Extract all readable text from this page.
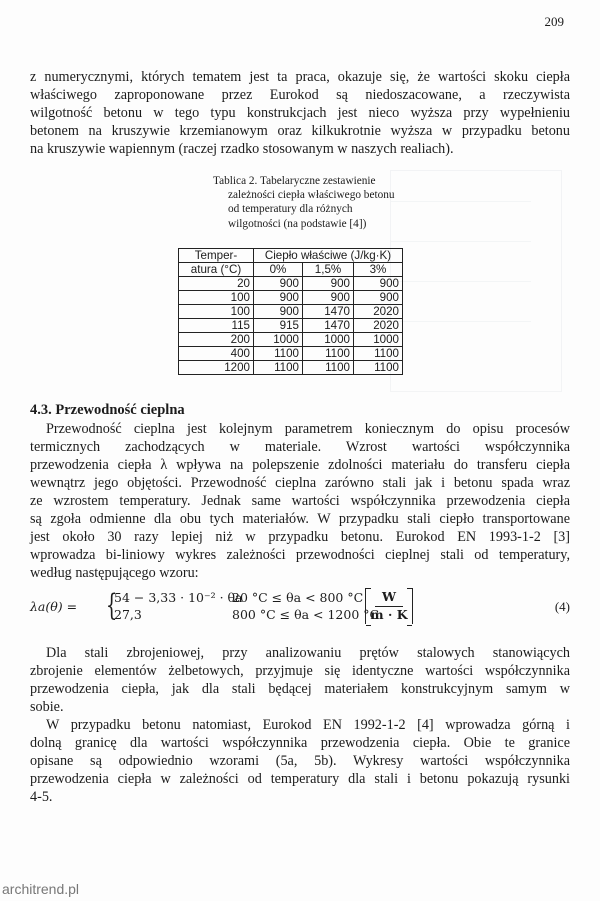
209
z numerycznymi, których tematem jest ta praca, okazuje się, że wartości skoku ciepła
właściwego zaproponowane przez Eurokod są niedoszacowane, a rzeczywista
wilgotność betonu w tego typu konstrukcjach jest nieco wyższa przy wypełnieniu
betonem na kruszywie krzemianowym oraz kilkukrotnie wyższa w przypadku betonu
na kruszywie wapiennym (raczej rzadko stosowanym w naszych realiach).
Tablica 2. Tabelaryczne zestawienie
zależności ciepła właściwego betonu
od temperatury dla różnych
wilgotności (na podstawie [4])
Temper-	Ciepło właściwe (J/kg·K)		
atura (°C)	0%	1,5%	3%
20	900	900	900
100	900	900	900
100	900	1470	2020
115	915	1470	2020
200	1000	1000	1000
400	1100	1100	1100
1200	1100	1100	1100
4.3. Przewodność cieplna
Przewodność cieplna jest kolejnym parametrem koniecznym do opisu procesów
termicznych zachodzących w materiale. Wzrost wartości współczynnika
przewodzenia ciepła λ wpływa na polepszenie zdolności materiału do transferu ciepła
wewnątrz jego objętości. Przewodność cieplna zarówno stali jak i betonu spada wraz
ze wzrostem temperatury. Jednak same wartości współczynnika przewodzenia ciepła
są zgoła odmienne dla obu tych materiałów. W przypadku stali ciepło transportowane
jest około 30 razy lepiej niż w przypadku betonu. Eurokod EN 1993-1-2 [3]
wprowadza bi-liniowy wykres zależności przewodności cieplnej stali od temperatury,
według następującego wzoru:
λa(θ) = {
54 − 3,33 · 10⁻² · θa
20 °C ≤ θa < 800 °C
27,3	800 °C ≤ θa < 1200 °C
W
m · K
(4)
Dla stali zbrojeniowej, przy analizowaniu prętów stalowych stanowiących
zbrojenie elementów żelbetowych, przyjmuje się identyczne wartości współczynnika
przewodzenia ciepła, jak dla stali będącej materiałem konstrukcyjnym samym w
sobie.
W przypadku betonu natomiast, Eurokod EN 1992-1-2 [4] wprowadza górną i
dolną granicę dla wartości współczynnika przewodzenia ciepła. Obie te granice
opisane są odpowiednio wzorami (5a, 5b). Wykresy wartości współczynnika
przewodzenia ciepła w zależności od temperatury dla stali i betonu pokazują rysunki
4-5.
architrend.pl
